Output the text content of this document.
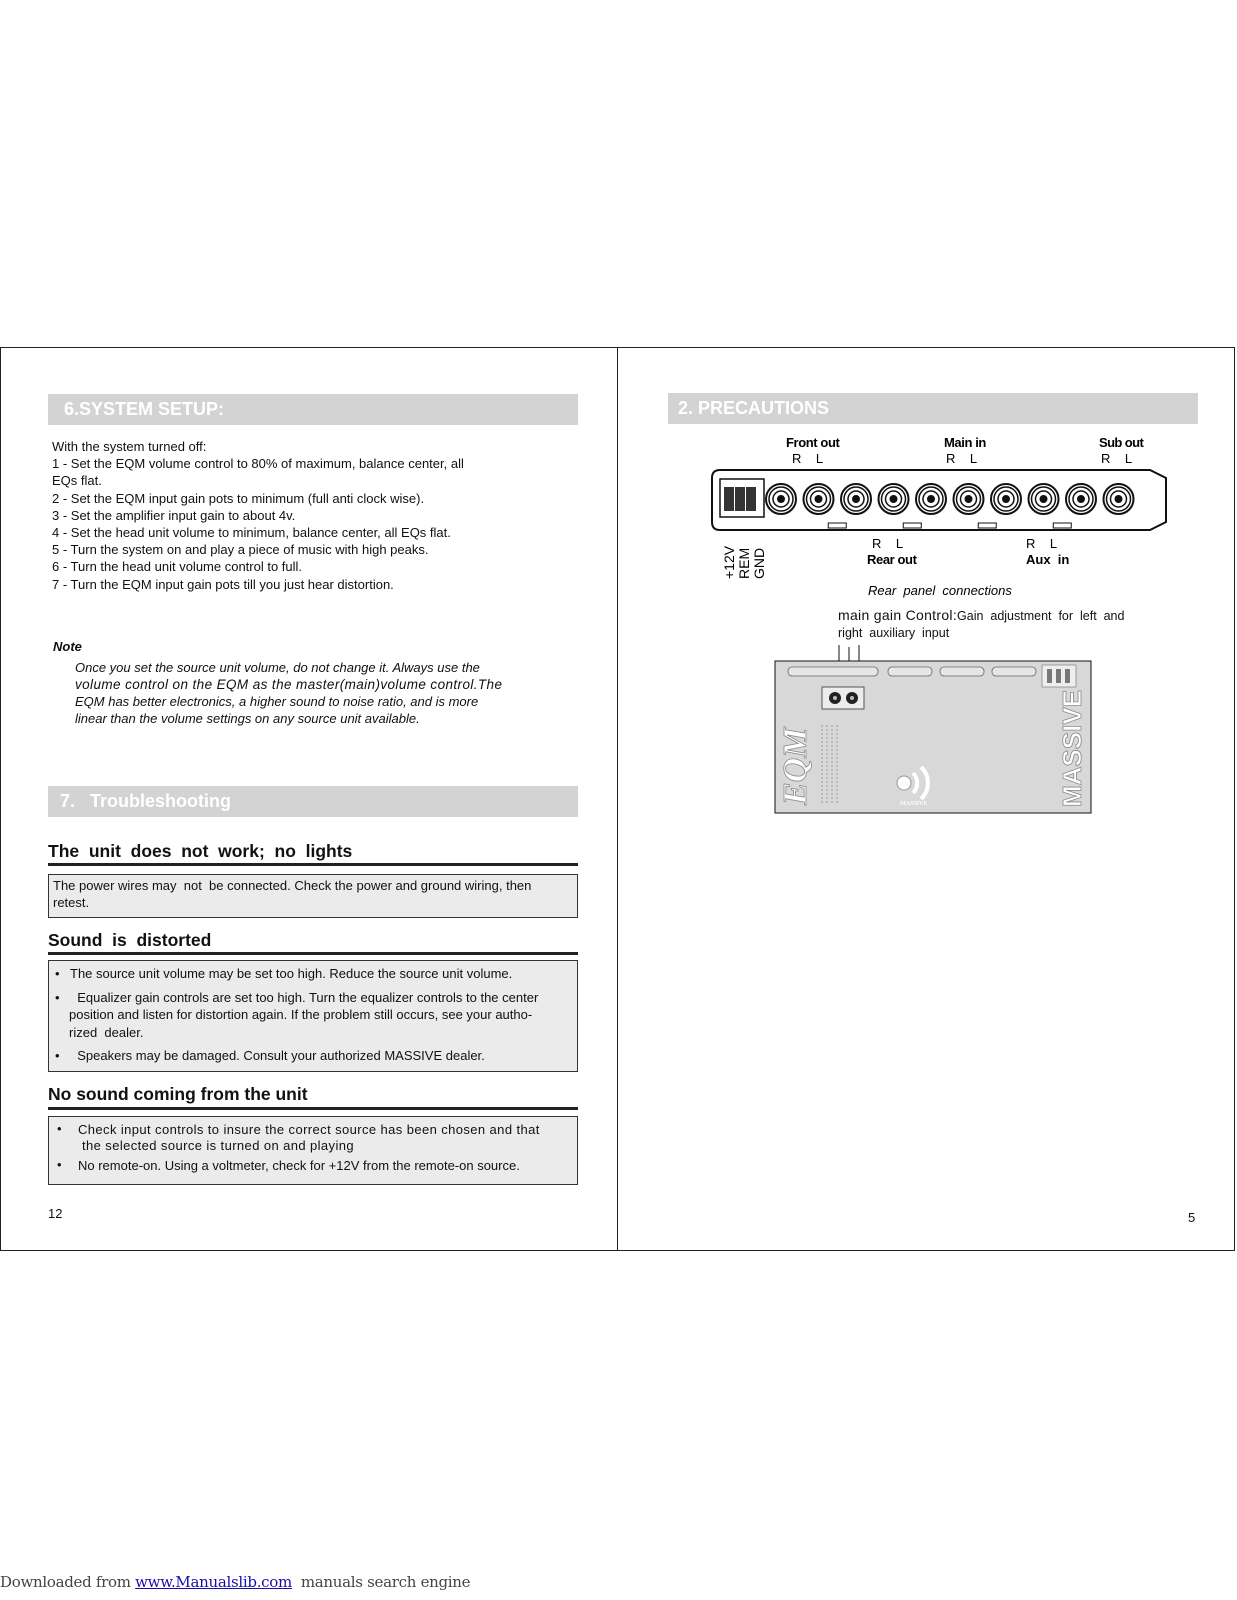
6.SYSTEM SETUP:
With the system turned off:
1 - Set the EQM volume control to 80% of maximum, balance center, all
EQs flat.
2 - Set the EQM input gain pots to minimum (full anti clock wise).
3 - Set the amplifier input gain to about 4v.
4 - Set the head unit volume to minimum, balance center, all EQs flat.
5 - Turn the system on and play a piece of music with high peaks.
6 - Turn the head unit volume control to full.
7 - Turn the EQM input gain pots till you just hear distortion.
Note
Once you set the source unit volume, do not change it. Always use the
volume control on the EQM as the master(main)volume control.The
EQM has better electronics, a higher sound to noise ratio, and is more
linear than the volume settings on any source unit available.
7. Troubleshooting
The  unit  does  not  work;  no  lights
The power wires may  not  be connected. Check the power and ground wiring, then
retest.
Sound  is  distorted
• The source unit volume may be set too high. Reduce the source unit volume.
• Equalizer gain controls are set too high. Turn the equalizer controls to the center
position and listen for distortion again. If the problem still occurs, see your autho-
rized  dealer.
• Speakers may be damaged. Consult your authorized MASSIVE dealer.
No sound coming from the unit
• Check input controls to insure the correct source has been chosen and that
the selected source is turned on and playing
• No remote-on. Using a voltmeter, check for +12V from the remote-on source.
12
2. PRECAUTIONS
Front out
R    L
Main in
R    L
Sub out
R    L
+12V REM GND
R    L
Rear out
R    L
Aux  in
Rear  panel  connections
main gain Control:Gain  adjustment  for  left  and
right  auxiliary  input
EQM	MASSIVE	MASSIVE
5
Downloaded from www.Manualslib.com  manuals search engine
